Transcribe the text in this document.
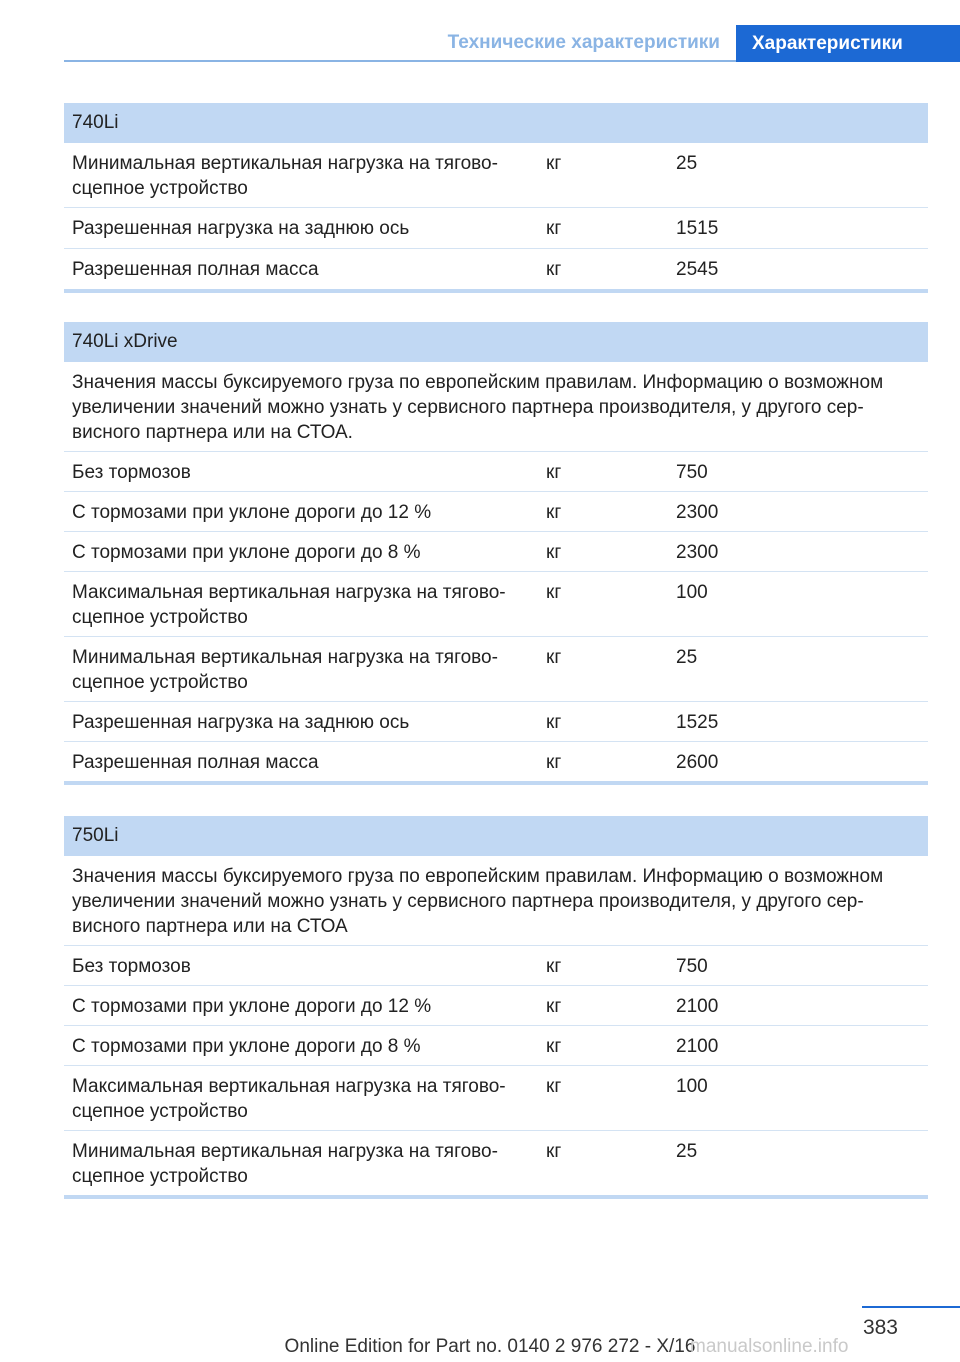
Технические характеристики	Характеристики
740Li
Минимальная вертикальная нагрузка на тягово-
сцепное устройство
кг	25
Разрешенная нагрузка на заднюю ось	кг	1515
Разрешенная полная масса	кг	2545
740Li xDrive
Значения массы буксируемого груза по европейским правилам. Информацию о возможном увеличении значений можно узнать у сервисного партнера производителя, у другого сер-
висного партнера или на СТОА.
Без тормозов	кг	750
С тормозами при уклоне дороги до 12 %	кг	2300
С тормозами при уклоне дороги до 8 %	кг	2300
Максимальная вертикальная нагрузка на тягово-
сцепное устройство
кг	100
Минимальная вертикальная нагрузка на тягово-
сцепное устройство
кг	25
Разрешенная нагрузка на заднюю ось	кг	1525
Разрешенная полная масса	кг	2600
750Li
Значения массы буксируемого груза по европейским правилам. Информацию о возможном увеличении значений можно узнать у сервисного партнера производителя, у другого сер-
висного партнера или на СТОА
Без тормозов	кг	750
С тормозами при уклоне дороги до 12 %	кг	2100
С тормозами при уклоне дороги до 8 %	кг	2100
Максимальная вертикальная нагрузка на тягово-
сцепное устройство
кг	100
Минимальная вертикальная нагрузка на тягово-
сцепное устройство
кг	25
383
Online Edition for Part no. 0140 2 976 272 - X/16
manualsonline.info
